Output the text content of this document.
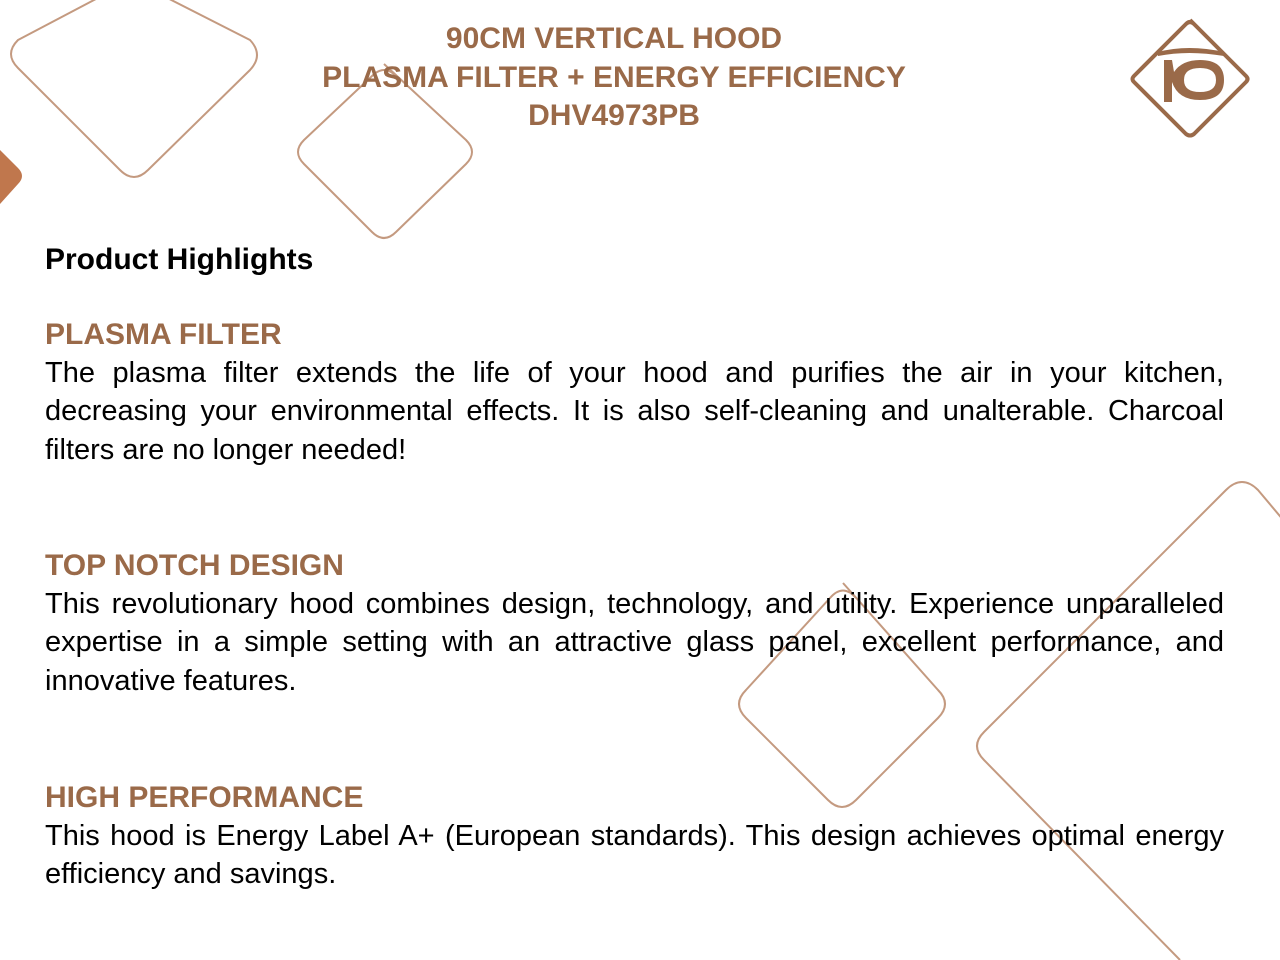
90CM VERTICAL HOOD
PLASMA FILTER + ENERGY EFFICIENCY
DHV4973PB
Product Highlights
PLASMA FILTER

The plasma filter extends the life of your hood and purifies the air in your kitchen, decreasing your environmental effects. It is also self-cleaning and unalterable. Charcoal filters are no longer needed!

TOP NOTCH DESIGN

This revolutionary hood combines design, technology, and utility. Experience unparalleled expertise in a simple setting with an attractive glass panel, excellent performance, and innovative features.

HIGH PERFORMANCE

This hood is Energy Label A+ (European standards). This design achieves optimal energy efficiency and savings.
